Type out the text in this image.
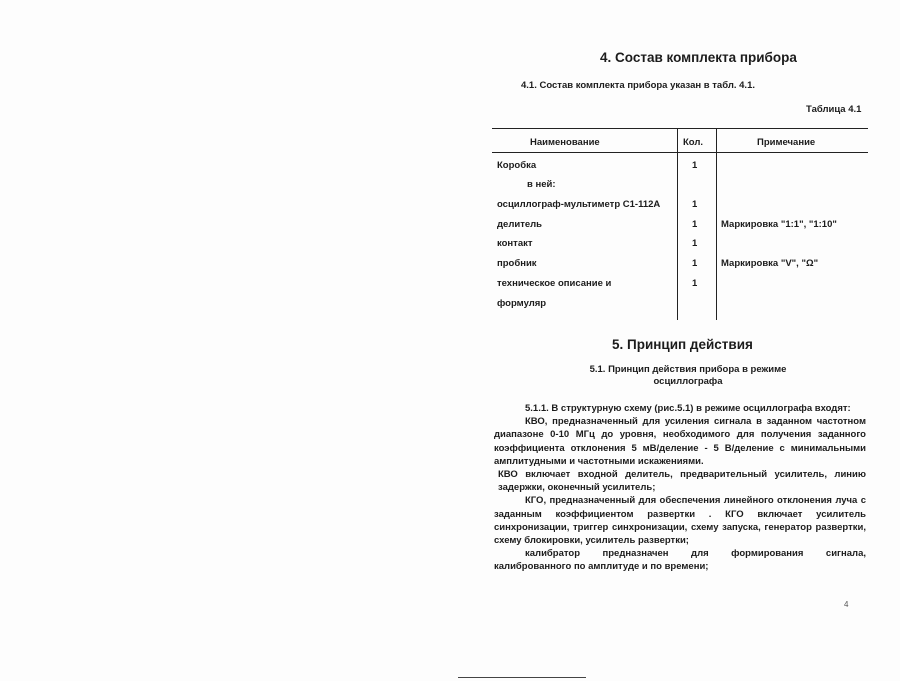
4. Состав комплекта прибора
4.1. Состав комплекта прибора указан в табл. 4.1.
Таблица 4.1
Наименование	Кол.	Примечание
Коробка	1
в ней:
осциллограф-мультиметр С1-112А	1
делитель	1 Маркировка "1:1", "1:10"
контакт	1
пробник	1 Маркировка "V", "Ω"
техническое описание и	1
формуляр
5. Принцип действия
5.1. Принцип действия прибора в режиме
осциллографа

5.1.1. В структурную схему (рис.5.1) в режиме осциллографа входят:

КВО, предназначенный для усиления сигнала в заданном частотном диапазоне 0-10 МГц до уровня, необходимого для получения заданного коэффициента отклонения 5 мВ/деление - 5 В/деление с минимальными амплитудными и частотными искажениями.

КВО включает входной делитель, предварительный усилитель, линию задержки, оконечный усилитель;

КГО, предназначенный для обеспечения линейного отклонения луча с заданным коэффициентом развертки . КГО включает усилитель синхронизации, триггер синхронизации, схему запуска, генератор развертки, схему блокировки, усилитель развертки;

калибратор предназначен для формирования сигнала, калиброванного по амплитуде и по времени;

4
